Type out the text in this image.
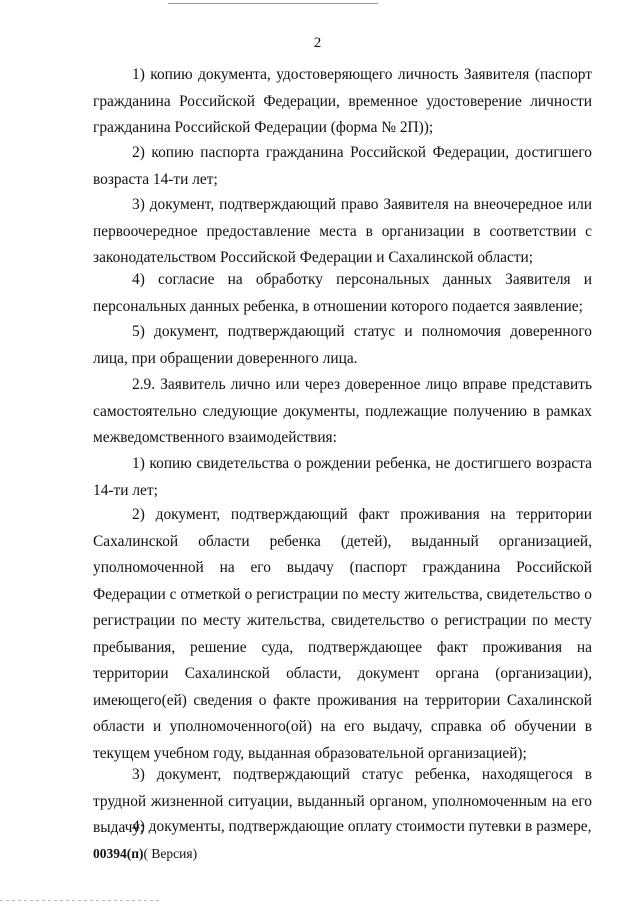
2

1) копию документа, удостоверяющего личность Заявителя (паспорт гражданина Российской Федерации, временное удостоверение личности гражданина Российской Федерации (форма № 2П));

2) копию паспорта гражданина Российской Федерации, достигшего возраста 14-ти лет;

3) документ, подтверждающий право Заявителя на внеочередное или первоочередное предоставление места в организации в соответствии с законодательством Российской Федерации и Сахалинской области;

4) согласие на обработку персональных данных Заявителя и персональных данных ребенка, в отношении которого подается заявление;

5) документ, подтверждающий статус и полномочия доверенного лица, при обращении доверенного лица.

2.9. Заявитель лично или через доверенное лицо вправе представить самостоятельно следующие документы, подлежащие получению в рамках межведомственного взаимодействия:

1) копию свидетельства о рождении ребенка, не достигшего возраста 14-ти лет;

2) документ, подтверждающий факт проживания на территории Сахалинской области ребенка (детей), выданный организацией, уполномоченной на его выдачу (паспорт гражданина Российской Федерации с отметкой о регистрации по месту жительства, свидетельство о регистрации по месту жительства, свидетельство о регистрации по месту пребывания, решение суда, подтверждающее факт проживания на территории Сахалинской области, документ органа (организации), имеющего(ей) сведения о факте проживания на территории Сахалинской области и уполномоченного(ой) на его выдачу, справка об обучении в текущем учебном году, выданная образовательной организацией);

3) документ, подтверждающий статус ребенка, находящегося в трудной жизненной ситуации, выданный органом, уполномоченным на его выдачу;

4) документы, подтверждающие оплату стоимости путевки в размере,

00394(п)( Версия)
